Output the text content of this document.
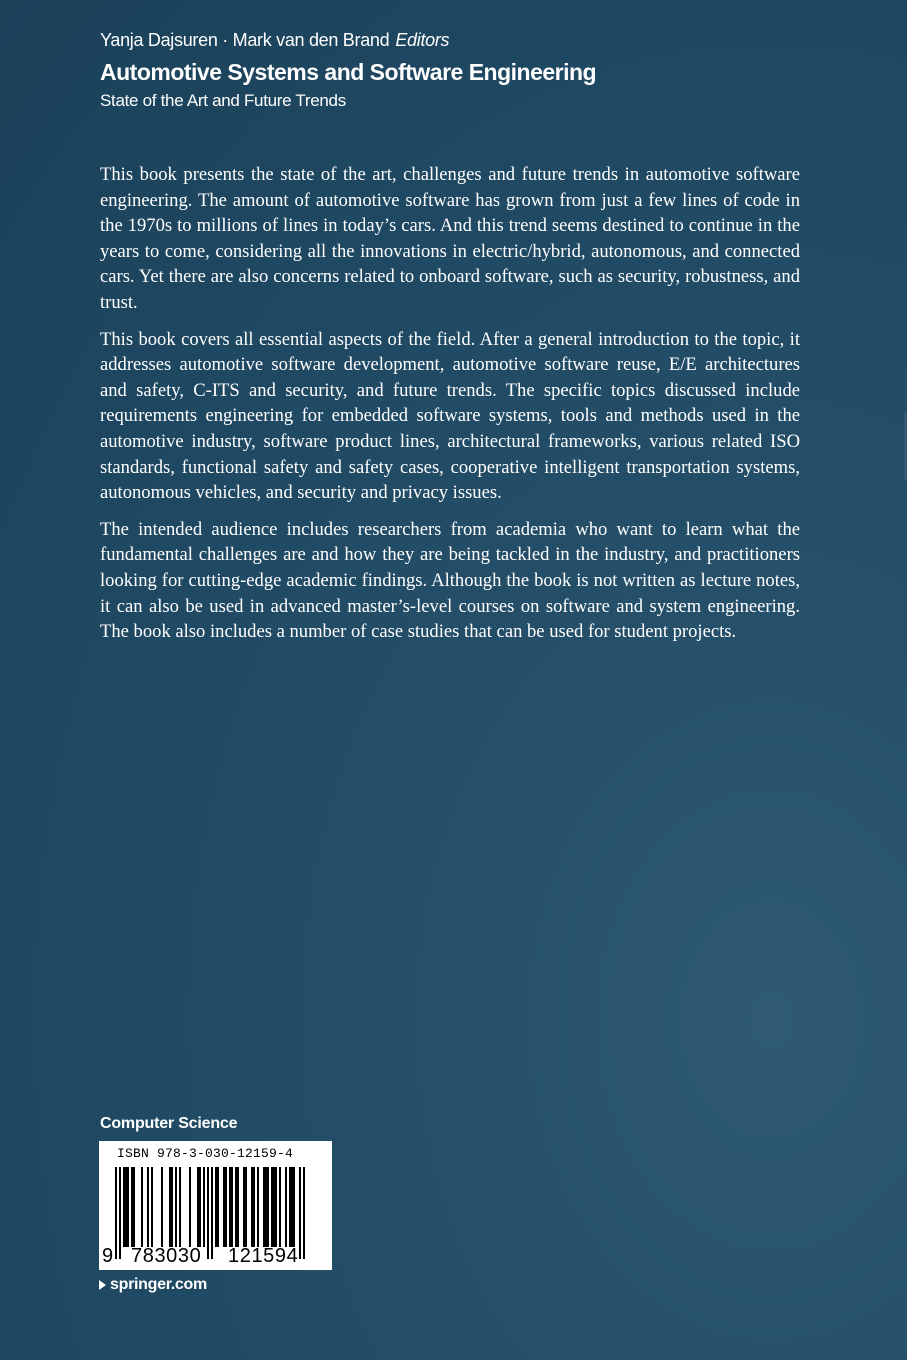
Yanja Dajsuren · Mark van den Brand Editors
Automotive Systems and Software Engineering
State of the Art and Future Trends

This book presents the state of the art, challenges and future trends in automotive software engineering. The amount of automotive software has grown from just a few lines of code in the 1970s to millions of lines in today’s cars. And this trend seems destined to continue in the years to come, considering all the innovations in electric/hybrid, autonomous, and connected cars. Yet there are also concerns related to onboard software, such as security, robustness, and trust.

This book covers all essential aspects of the field. After a general introduction to the topic, it addresses automotive software development, automotive software reuse, E/E architectures and safety, C-ITS and security, and future trends. The specific topics discussed include requirements engineering for embedded software systems, tools and methods used in the automotive industry, software product lines, architectural frameworks, various related ISO standards, functional safety and safety cases, cooperative intelligent transportation systems, autonomous vehicles, and security and privacy issues.

The intended audience includes researchers from academia who want to learn what the fundamental challenges are and how they are being tackled in the industry, and practitioners looking for cutting-edge academic findings. Although the book is not written as lecture notes, it can also be used in advanced master’s-level courses on software and system engineering. The book also includes a number of case studies that can be used for student projects.

Computer Science
ISBN 978-3-030-12159-4
9 783030 121594
springer.com
